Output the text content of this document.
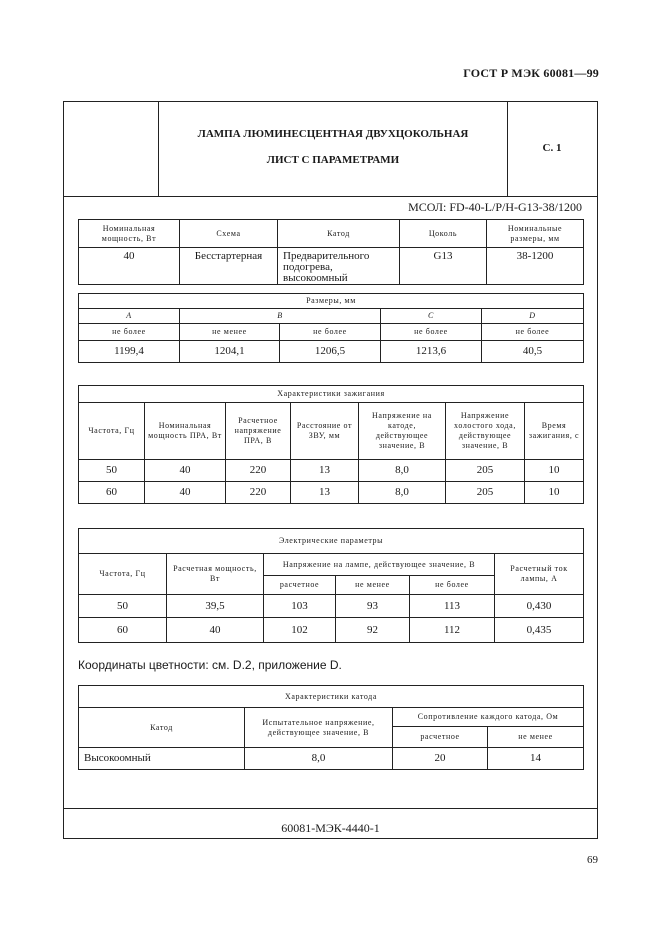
ГОСТ Р МЭК 60081—99
ЛАМПА ЛЮМИНЕСЦЕНТНАЯ ДВУХЦОКОЛЬНАЯ
ЛИСТ С ПАРАМЕТРАМИ
С. 1
МСОЛ: FD-40-L/P/H-G13-38/1200
60081-МЭК-4440-1
Номинальная мощность, Вт	Схема	Катод	Цоколь	Номинальные размеры, мм
40	Бесстартерная	Предварительного подогрева, высокоомный	G13	38-1200
Размеры, мм				
A	B		C	D
не более	не менее	не более	не более	не более
1199,4	1204,1	1206,5	1213,6	40,5
Характеристики зажигания						
Частота, Гц	Номинальная мощность ПРА, Вт	Расчетное напряжение ПРА, В	Расстояние от ЗВУ, мм	Напряжение на катоде, действующее значение, В	Напряжение холостого хода, действующее значение, В	Время зажигания, с
50	40	220	13	8,0	205	10
60	40	220	13	8,0	205	10
Электрические параметры					
Частота, Гц	Расчетная мощность, Вт	Напряжение на лампе, действующее значение, В			Расчетный ток лампы, А
		расчетное	не менее	не более	
50	39,5	103	93	113	0,430
60	40	102	92	112	0,435
Координаты цветности: см. D.2, приложение D.
Характеристики катода			
Катод	Испытательное напряжение, действующее значение, В	Сопротивление каждого катода, Ом	
		расчетное	не менее
Высокоомный	8,0	20	14
69
